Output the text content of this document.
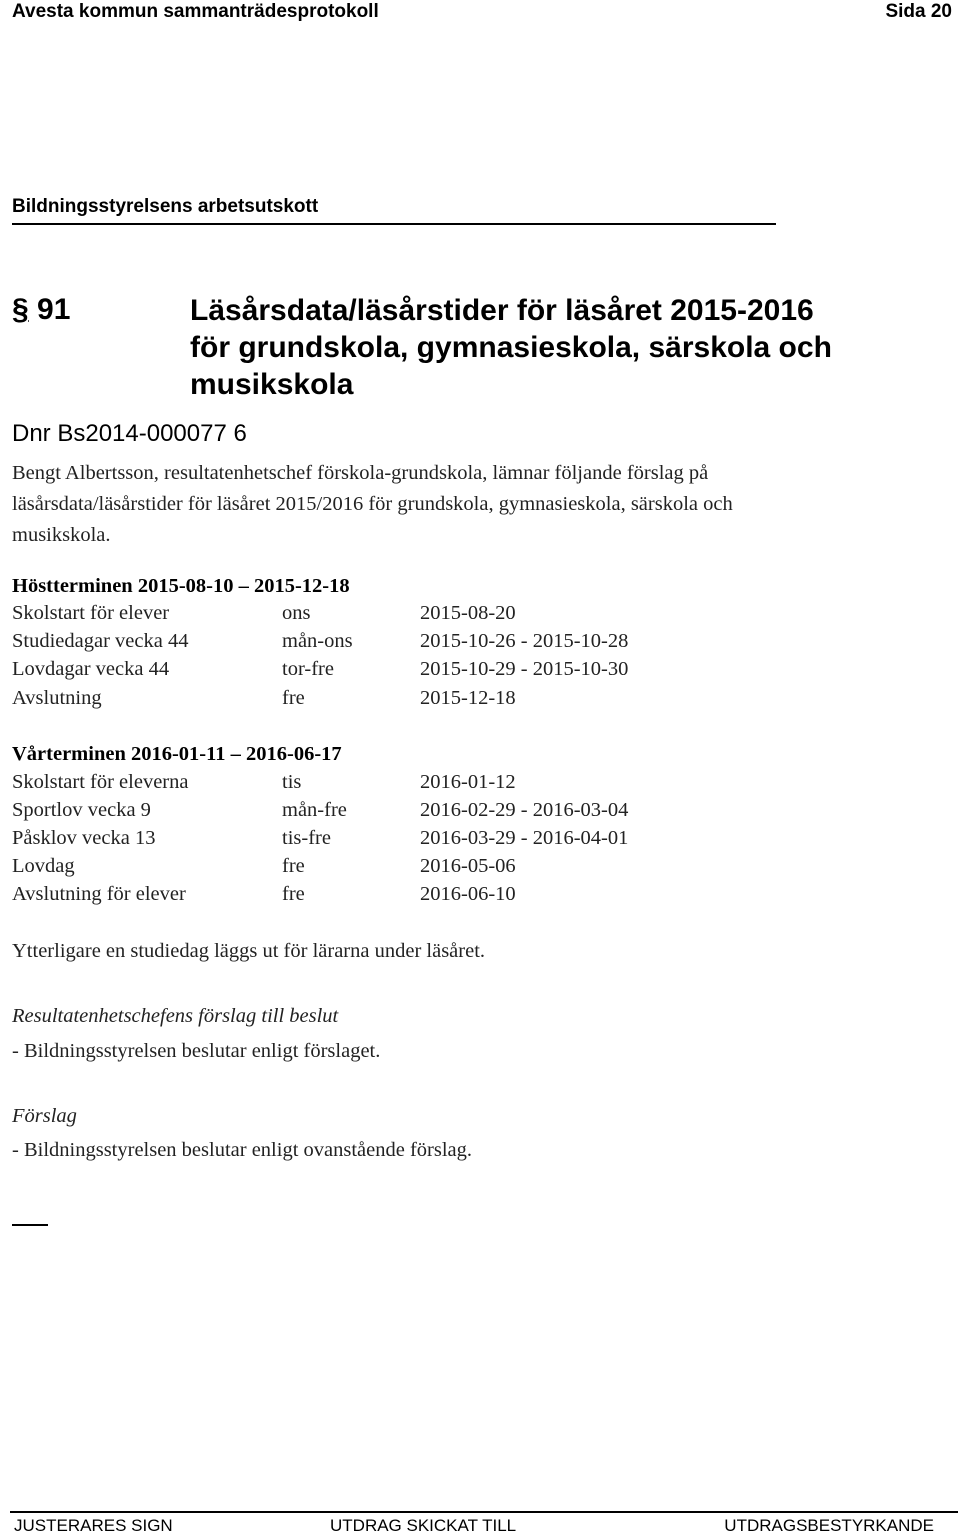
Avesta kommun sammanträdesprotokoll	Sida 20
Bildningsstyrelsens arbetsutskott
§ 91	Läsårsdata/läsårstider för läsåret 2015-2016
för grundskola, gymnasieskola, särskola och
musikskola
Dnr Bs2014-000077 6
Bengt Albertsson, resultatenhetschef förskola-grundskola, lämnar följande förslag på
läsårsdata/läsårstider för läsåret 2015/2016 för grundskola, gymnasieskola, särskola och
musikskola.
Höstterminen 2015-08-10 – 2015-12-18
Skolstart för elever	ons	2015-08-20
Studiedagar vecka 44	mån-ons	2015-10-26 - 2015-10-28
Lovdagar vecka 44	tor-fre	2015-10-29 - 2015-10-30
Avslutning	fre	2015-12-18
Vårterminen 2016-01-11 – 2016-06-17
Skolstart för eleverna	tis	2016-01-12
Sportlov vecka 9	mån-fre	2016-02-29 - 2016-03-04
Påsklov vecka 13	tis-fre	2016-03-29 - 2016-04-01
Lovdag	fre	2016-05-06
Avslutning för elever	fre	2016-06-10
Ytterligare en studiedag läggs ut för lärarna under läsåret.
Resultatenhetschefens förslag till beslut
- Bildningsstyrelsen beslutar enligt förslaget.
Förslag
- Bildningsstyrelsen beslutar enligt ovanstående förslag.
JUSTERARES SIGN	UTDRAG SKICKAT TILL	UTDRAGSBESTYRKANDE
